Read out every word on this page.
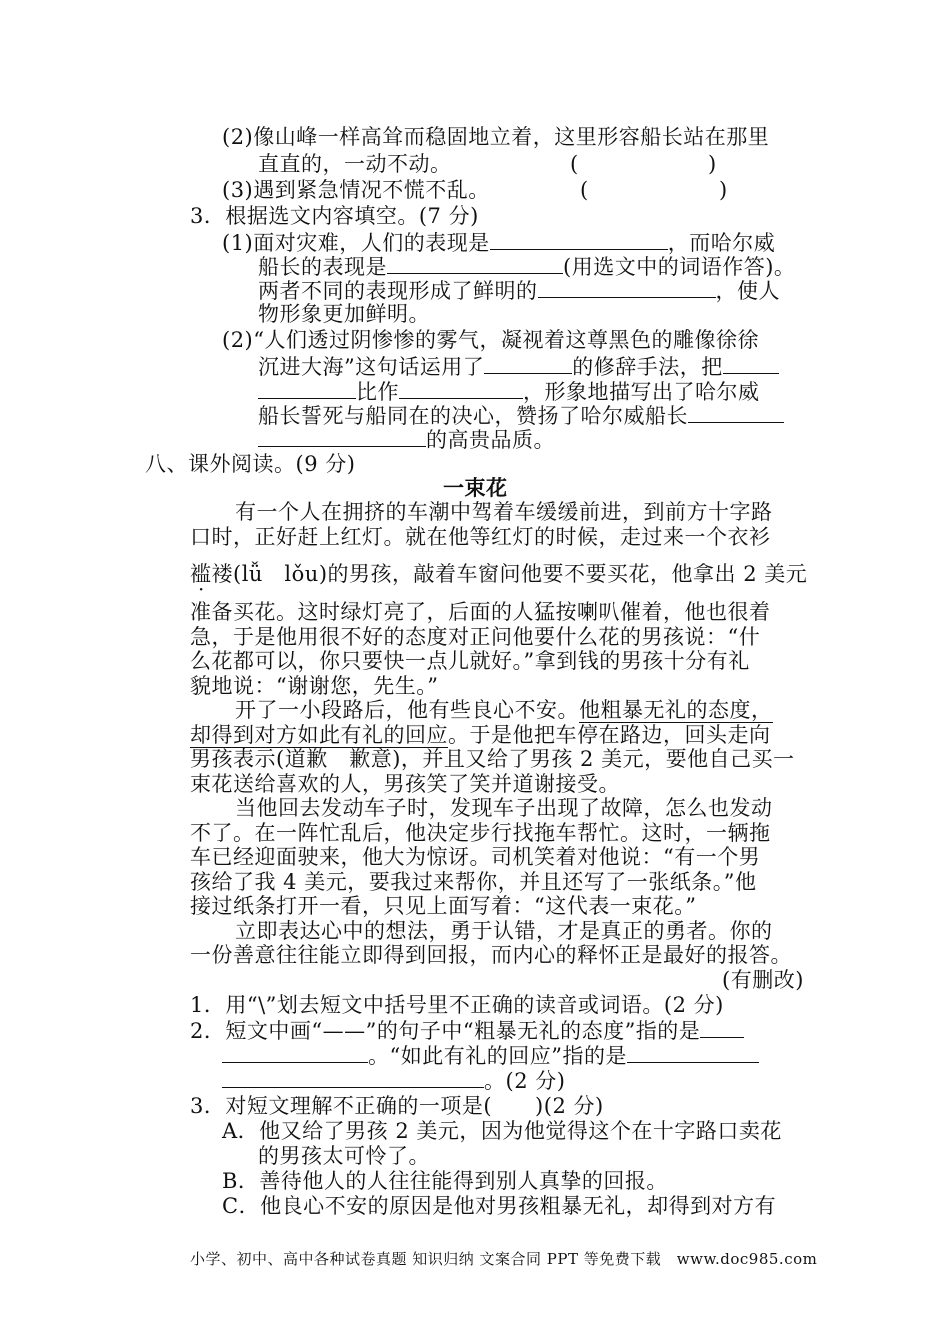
(2)像山峰一样高耸而稳固地立着，这里形容船长站在那里
直直的，一动不动。	(	)
(3)遇到紧急情况不慌不乱。	(	)
3．根据选文内容填空。(7 分)
(1)面对灾难，人们的表现是	，而哈尔威
船长的表现是	(用选文中的词语作答)。
两者不同的表现形成了鲜明的	，使人
物形象更加鲜明。
(2)“人们透过阴惨惨的雾气，凝视着这尊黑色的雕像徐徐
沉进大海”这句话运用了	的修辞手法，把
比作	，形象地描写出了哈尔威
船长誓死与船同在的决心，赞扬了哈尔威船长
的高贵品质。
八、课外阅读。(9 分)
一束花
有一个人在拥挤的车潮中驾着车缓缓前进，到前方十字路
口时，正好赶上红灯。就在他等红灯的时候，走过来一个衣衫
褴褛(lǚ　lǒu) ·的男孩，敲着车窗问他要不要买花，他拿出 2 美元
准备买花。这时绿灯亮了，后面的人猛按喇叭催着，他也很着
急，于是他用很不好的态度对正问他要什么花的男孩说：“什
么花都可以，你只要快一点儿就好。”拿到钱的男孩十分有礼
貌地说：“谢谢您，先生。”
开了一小段路后，他有些良心不安。他粗暴无礼的态度，
却得到对方如此有礼的回应。于是他把车停在路边，回头走向
男孩表示(道歉　歉意)，并且又给了男孩 2 美元，要他自己买一
束花送给喜欢的人，男孩笑了笑并道谢接受。
当他回去发动车子时，发现车子出现了故障，怎么也发动
不了。在一阵忙乱后，他决定步行找拖车帮忙。这时，一辆拖
车已经迎面驶来，他大为惊讶。司机笑着对他说：“有一个男
孩给了我 4 美元，要我过来帮你，并且还写了一张纸条。”他
接过纸条打开一看，只见上面写着：“这代表一束花。”
立即表达心中的想法，勇于认错，才是真正的勇者。你的
一份善意往往能立即得到回报，而内心的释怀正是最好的报答。
(有删改)
1．用“\”划去短文中括号里不正确的读音或词语。(2 分)
2．短文中画“——”的句子中“粗暴无礼的态度”指的是
。“如此有礼的回应”指的是
。(2 分)
3．对短文理解不正确的一项是(　　)(2 分)
A．他又给了男孩 2 美元，因为他觉得这个在十字路口卖花
的男孩太可怜了。
B．善待他人的人往往能得到别人真挚的回报。
C．他良心不安的原因是他对男孩粗暴无礼，却得到对方有
小学、初中、高中各种试卷真题 知识归纳 文案合同 PPT 等免费下载　www.doc985.com
